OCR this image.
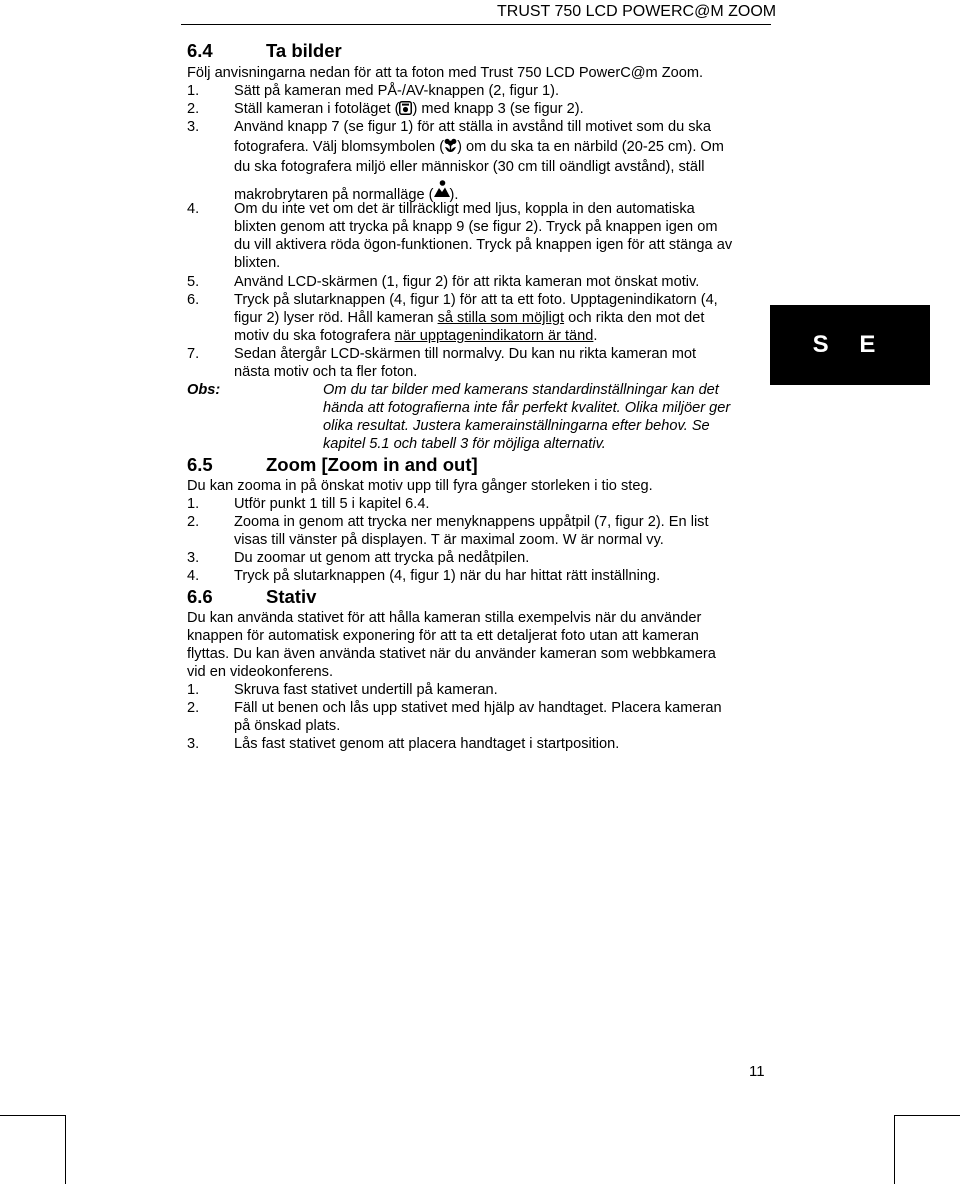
TRUST 750 LCD POWERC@M ZOOM
6.4	Ta bilder
Följ anvisningarna nedan för att ta foton med Trust 750 LCD PowerC@m Zoom.
1. Sätt på kameran med PÅ-/AV-knappen (2, figur 1).
2. Ställ kameran i fotoläget ( ) med knapp 3 (se figur 2).
3. Använd knapp 7 (se figur 1) för att ställa in avstånd till motivet som du ska
fotografera. Välj blomsymbolen ( ) om du ska ta en närbild (20-25 cm). Om
du ska fotografera miljö eller människor (30 cm till oändligt avstånd), ställ
makrobrytaren på normalläge ( ).
4. Om du inte vet om det är tillräckligt med ljus, koppla in den automatiska
blixten genom att trycka på knapp 9 (se figur 2). Tryck på knappen igen om
du vill aktivera röda ögon-funktionen. Tryck på knappen igen för att stänga av
blixten.
5. Använd LCD-skärmen (1, figur 2) för att rikta kameran mot önskat motiv.
6. Tryck på slutarknappen (4, figur 1) för att ta ett foto. Upptagenindikatorn (4,
figur 2) lyser röd. Håll kameran så stilla som möjligt och rikta den mot det
motiv du ska fotografera när upptagenindikatorn är tänd.
7. Sedan återgår LCD-skärmen till normalvy. Du kan nu rikta kameran mot
nästa motiv och ta fler foton.
Obs:	Om du tar bilder med kamerans standardinställningar kan det
hända att fotografierna inte får perfekt kvalitet. Olika miljöer ger
olika resultat. Justera kamerainställningarna efter behov. Se
kapitel 5.1 och tabell 3 för möjliga alternativ.
6.5	Zoom [Zoom in and out]
Du kan zooma in på önskat motiv upp till fyra gånger storleken i tio steg.
1. Utför punkt 1 till 5 i kapitel 6.4.
2. Zooma in genom att trycka ner menyknappens uppåtpil (7, figur 2). En list
visas till vänster på displayen. T är maximal zoom. W är normal vy.
3. Du zoomar ut genom att trycka på nedåtpilen.
4. Tryck på slutarknappen (4, figur 1) när du har hittat rätt inställning.
6.6	Stativ
Du kan använda stativet för att hålla kameran stilla exempelvis när du använder
knappen för automatisk exponering för att ta ett detaljerat foto utan att kameran
flyttas. Du kan även använda stativet när du använder kameran som webbkamera
vid en videokonferens.
1. Skruva fast stativet undertill på kameran.
2. Fäll ut benen och lås upp stativet med hjälp av handtaget. Placera kameran
på önskad plats.
3. Lås fast stativet genom att placera handtaget i startposition.
S E
11
